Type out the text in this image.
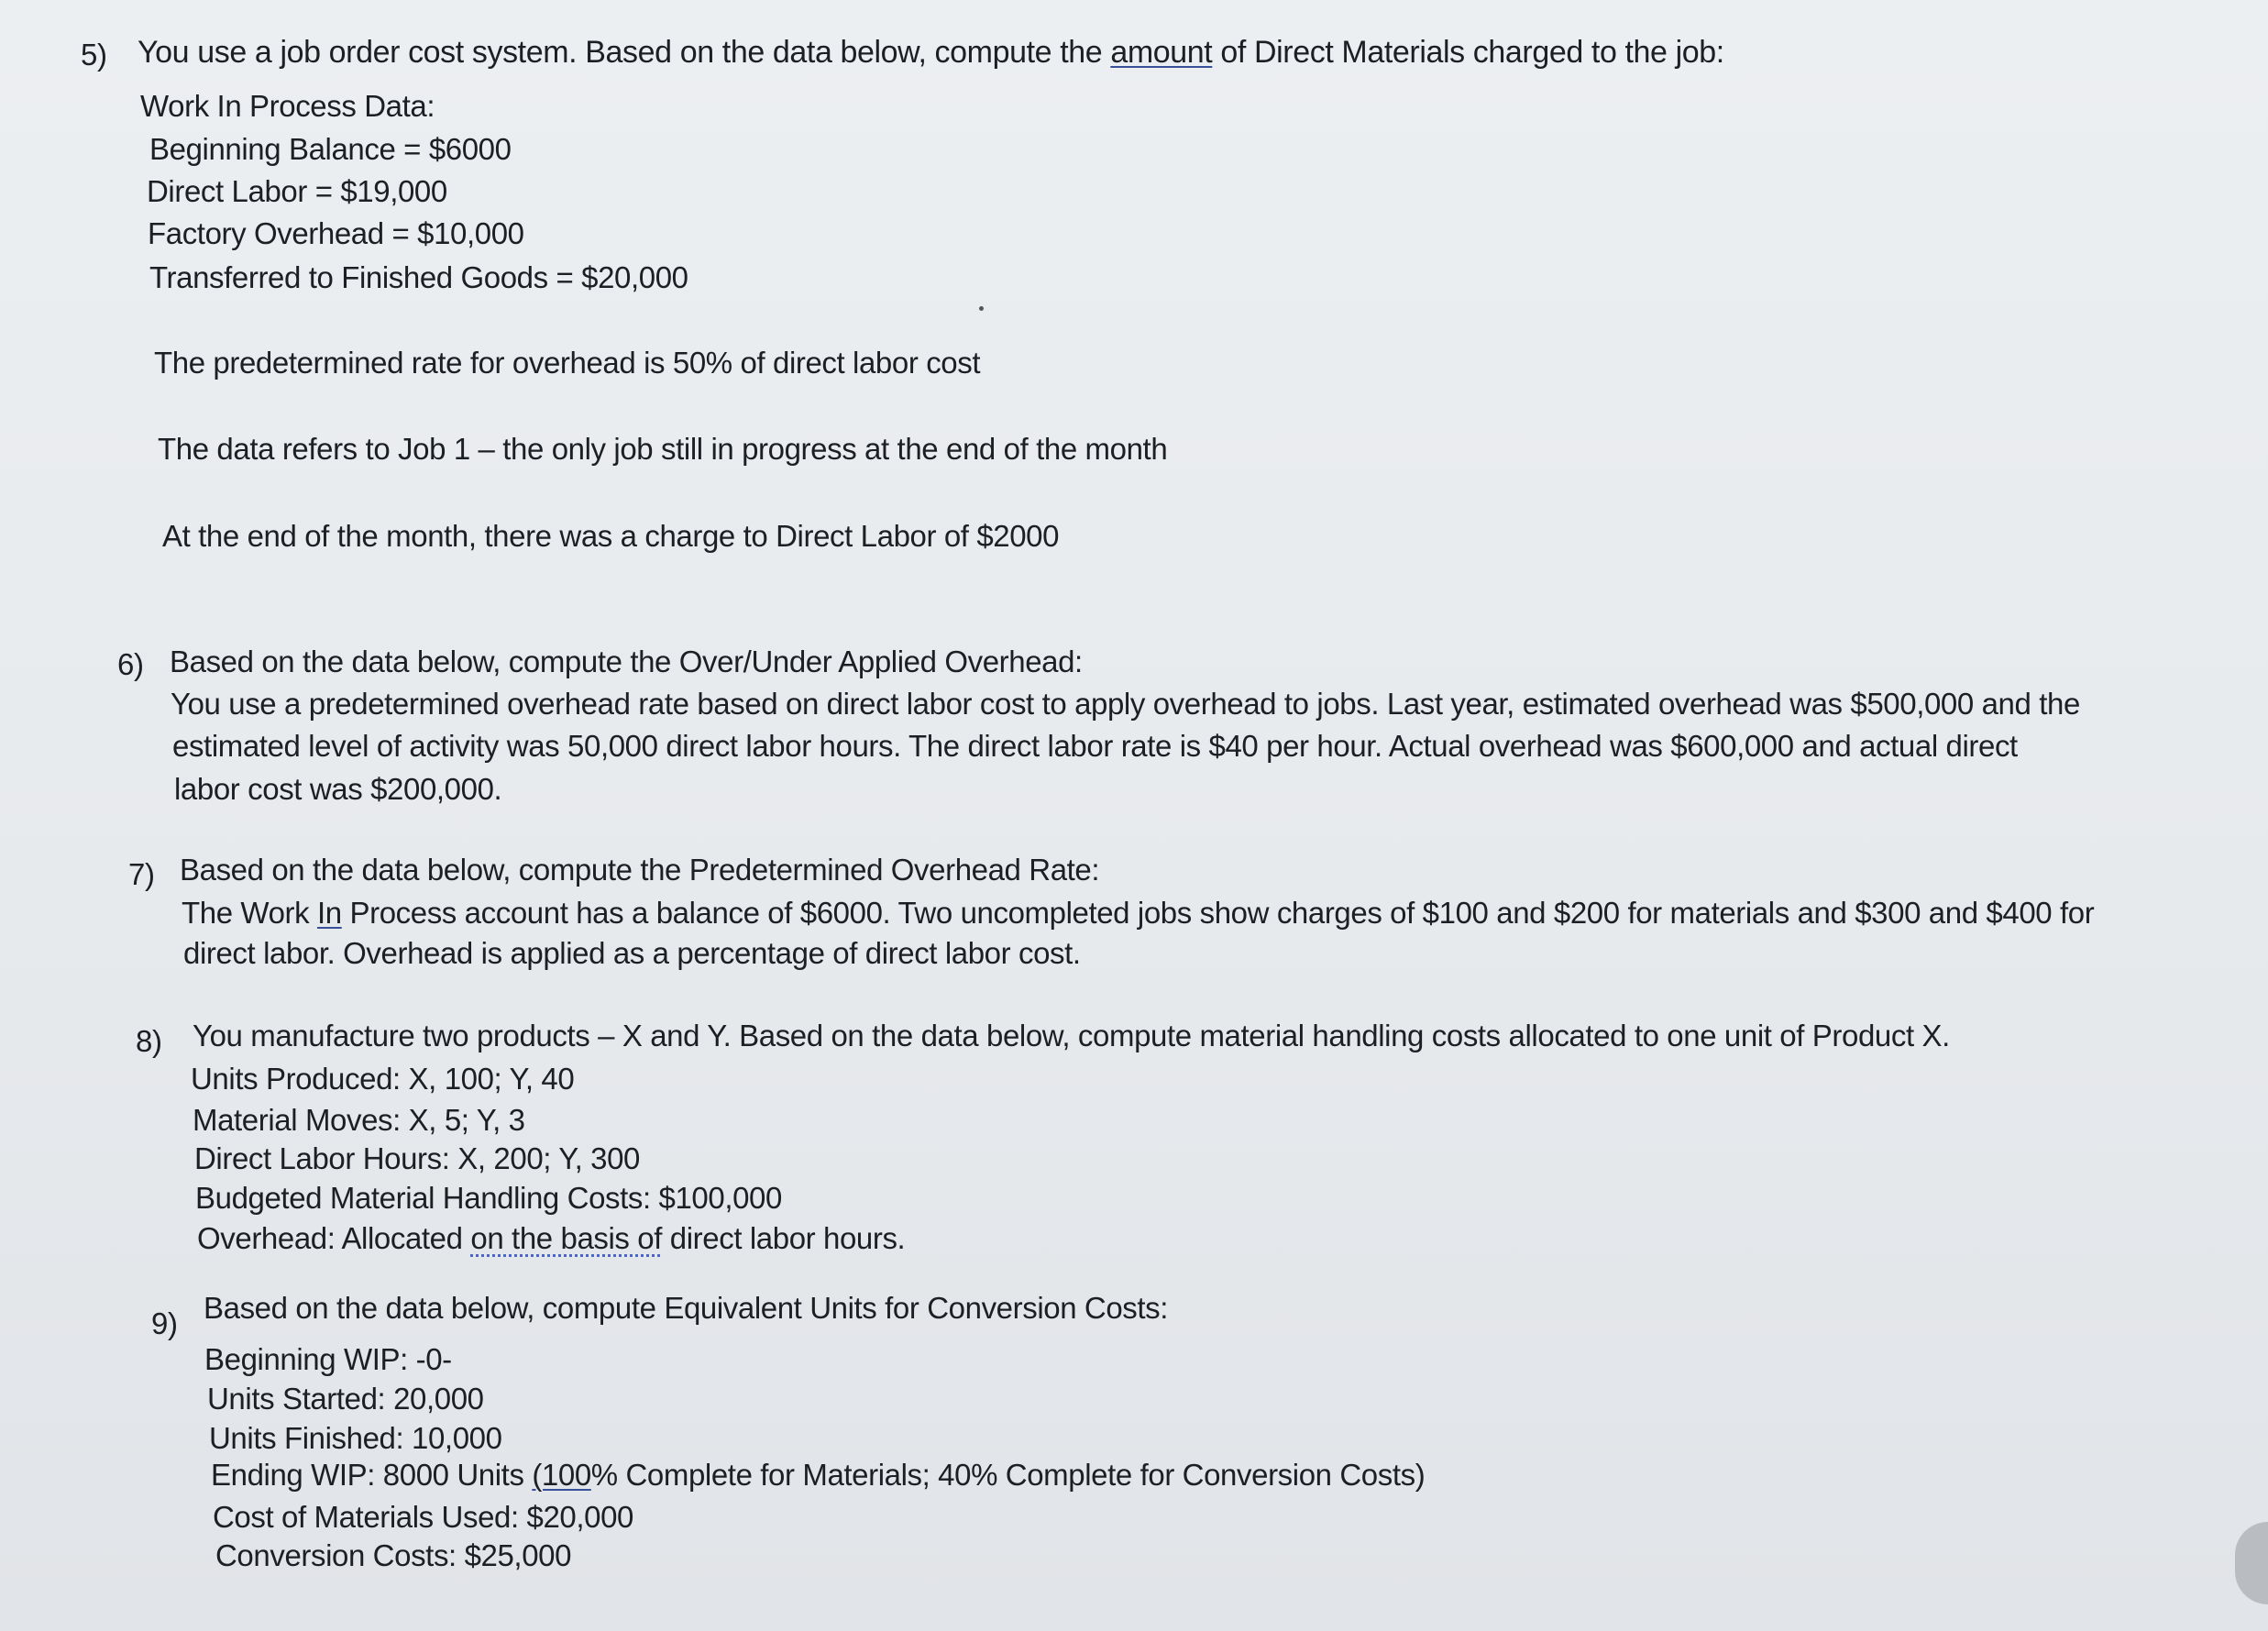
5) You use a job order cost system. Based on the data below, compute the amount of Direct Materials charged to the job:
Work In Process Data:
Beginning Balance = $6000
Direct Labor = $19,000
Factory Overhead = $10,000
Transferred to Finished Goods = $20,000
The predetermined rate for overhead is 50% of direct labor cost
The data refers to Job 1 – the only job still in progress at the end of the month
At the end of the month, there was a charge to Direct Labor of $2000
6) Based on the data below, compute the Over/Under Applied Overhead:
You use a predetermined overhead rate based on direct labor cost to apply overhead to jobs. Last year, estimated overhead was $500,000 and the
estimated level of activity was 50,000 direct labor hours. The direct labor rate is $40 per hour. Actual overhead was $600,000 and actual direct
labor cost was $200,000.
7) Based on the data below, compute the Predetermined Overhead Rate:
The Work In Process account has a balance of $6000. Two uncompleted jobs show charges of $100 and $200 for materials and $300 and $400 for
direct labor. Overhead is applied as a percentage of direct labor cost.
8) You manufacture two products – X and Y. Based on the data below, compute material handling costs allocated to one unit of Product X.
Units Produced: X, 100; Y, 40
Material Moves: X, 5; Y, 3
Direct Labor Hours: X, 200; Y, 300
Budgeted Material Handling Costs: $100,000
Overhead: Allocated on the basis of direct labor hours.
9) Based on the data below, compute Equivalent Units for Conversion Costs:
Beginning WIP: -0-
Units Started: 20,000
Units Finished: 10,000
Ending WIP: 8000 Units (100% Complete for Materials; 40% Complete for Conversion Costs)
Cost of Materials Used: $20,000
Conversion Costs: $25,000
